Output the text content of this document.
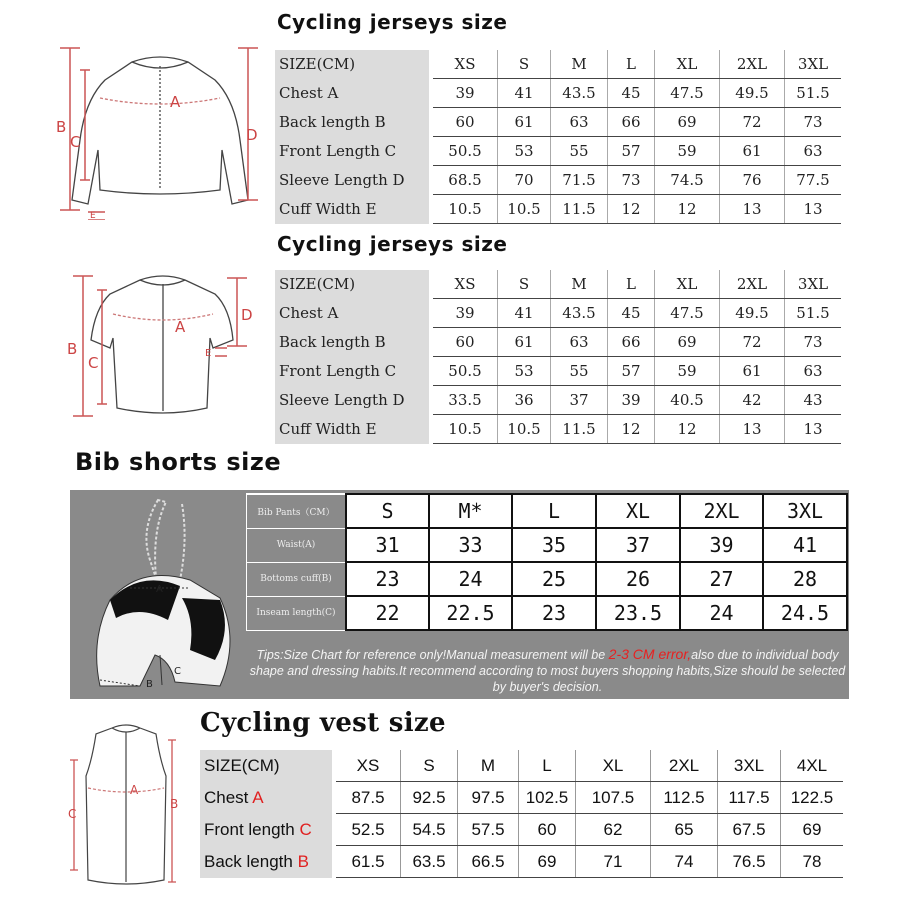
Cycling jerseys size
A
B
C	D
E
SIZE(CM)		XS	S	M	L	XL	2XL	3XL
Chest A		39	41	43.5	45	47.5	49.5	51.5
Back length B		60	61	63	66	69	72	73
Front Length C		50.5	53	55	57	59	61	63
Sleeve Length D		68.5	70	71.5	73	74.5	76	77.5
Cuff Width E		10.5	10.5	11.5	12	12	13	13
Cycling jerseys size
A
B
C
D
E
SIZE(CM)		XS	S	M	L	XL	2XL	3XL
Chest A		39	41	43.5	45	47.5	49.5	51.5
Back length B		60	61	63	66	69	72	73
Front Length C		50.5	53	55	57	59	61	63
Sleeve Length D		33.5	36	37	39	40.5	42	43
Cuff Width E		10.5	10.5	11.5	12	12	13	13
Bib shorts size
A
B
C
Bib Pants（CM）	S	M*	L	XL	2XL	3XL
Waist(A)	31	33	35	37	39	41
Bottoms cuff(B)	23	24	25	26	27	28
Inseam length(C)	22	22.5	23	23.5	24	24.5
Tips:Size Chart for reference only!Manual measurement will be 2-3 CM error,also due to individual body shape and dressing habits.It recommend according to most buyers shopping habits,Size should be selected by buyer's decision.
Cycling vest size
A
B
C
SIZE(CM)		XS	S	M	L	XL	2XL	3XL	4XL
Chest A		87.5	92.5	97.5	102.5	107.5	112.5	117.5	122.5
Front length C		52.5	54.5	57.5	60	62	65	67.5	69
Back length B		61.5	63.5	66.5	69	71	74	76.5	78
